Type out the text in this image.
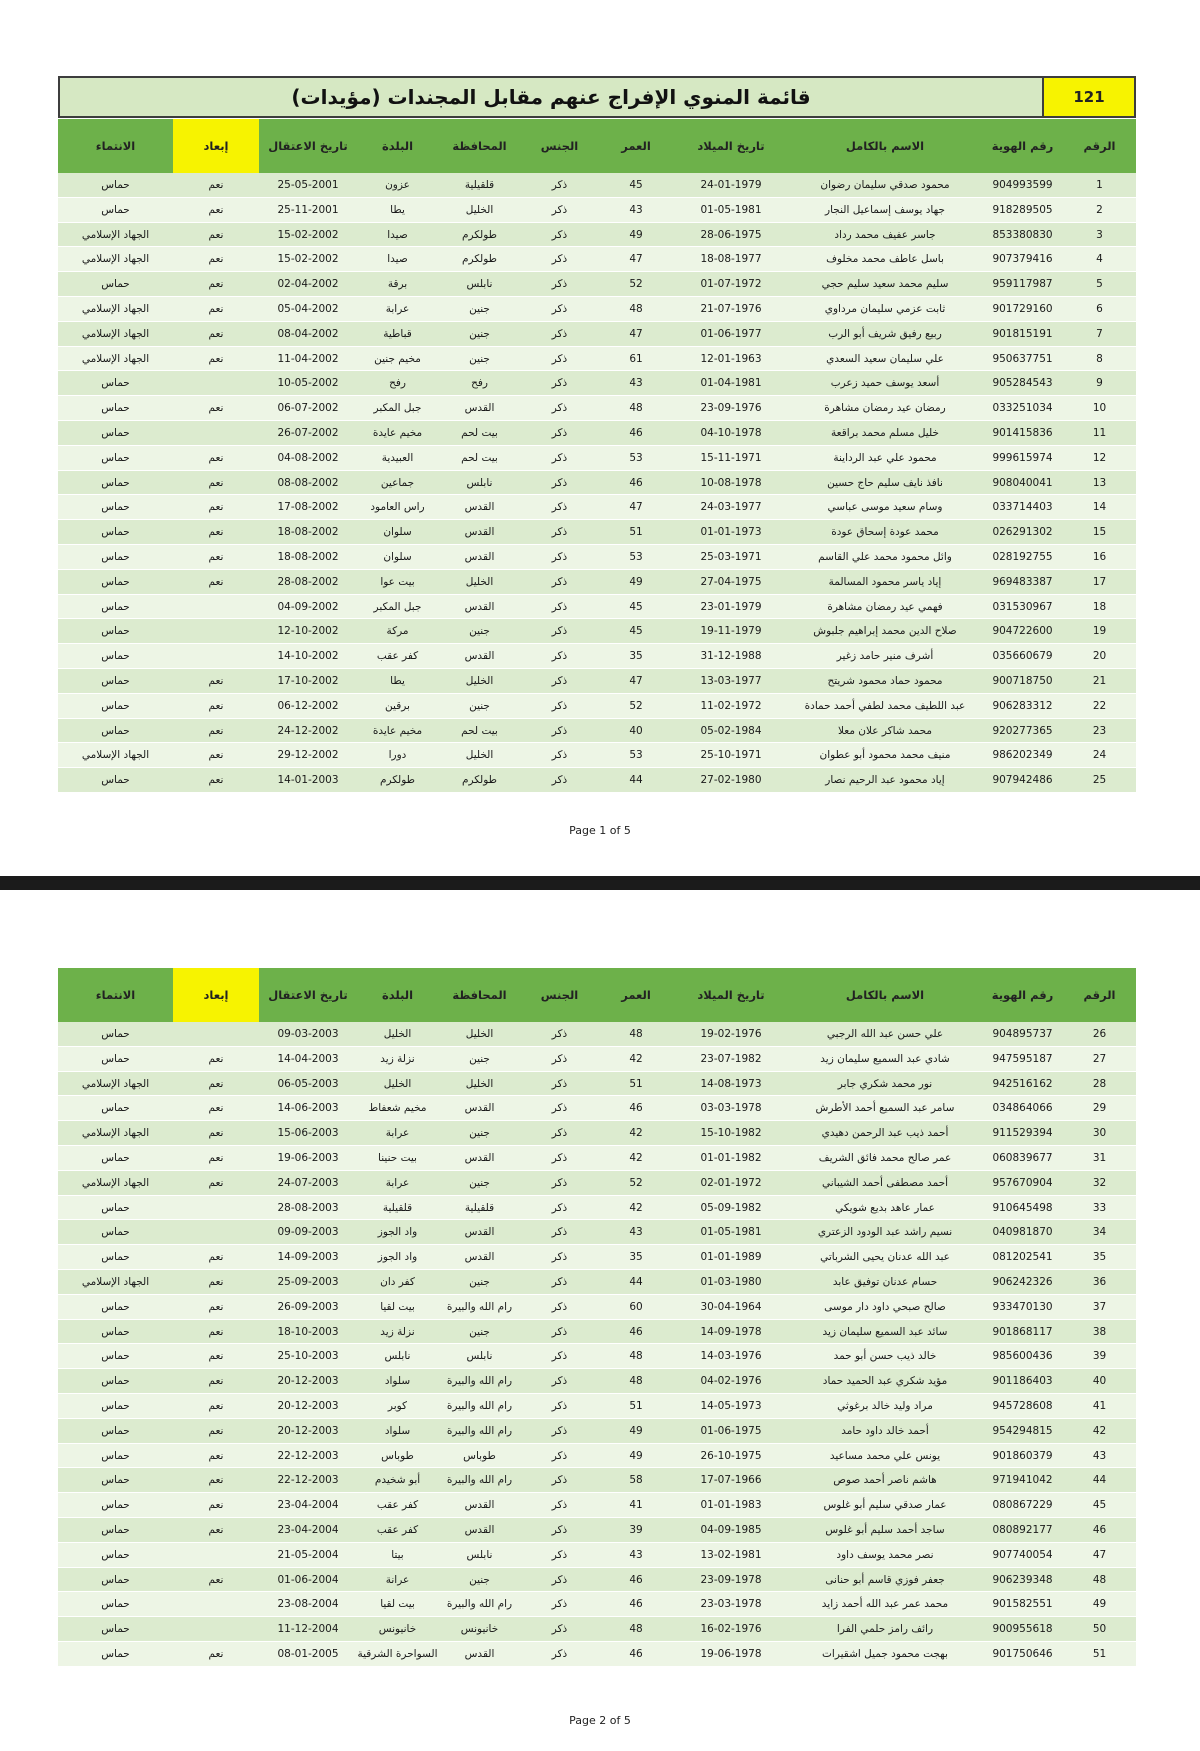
قائمة المنوي الإفراج عنهم مقابل المجندات (مؤيدات)	121
الرقم
رقم الهوية
الاسم بالكامل
تاريخ الميلاد
العمر
الجنس
المحافظة
البلدة
تاريخ الاعتقال
إبعاد
الانتماء
1
904993599
محمود صدقي سليمان رضوان
24-01-1979
45
ذكر
قلقيلية
عزون
25-05-2001
نعم
حماس
2
918289505
جهاد يوسف إسماعيل النجار
01-05-1981
43
ذكر
الخليل
يطا
25-11-2001
نعم
حماس
3
853380830
جاسر عفيف محمد رداد
28-06-1975
49
ذكر
طولكرم
صيدا
15-02-2002
نعم
الجهاد الإسلامي
4
907379416
باسل عاطف محمد مخلوف
18-08-1977
47
ذكر
طولكرم
صيدا
15-02-2002
نعم
الجهاد الإسلامي
5
959117987
سليم محمد سعيد سليم حجي
01-07-1972
52
ذكر
نابلس
برقة
02-04-2002
نعم
حماس
6
901729160
ثابت عزمي سليمان مرداوي
21-07-1976
48
ذكر
جنين
عرابة
05-04-2002
نعم
الجهاد الإسلامي
7
901815191
ربيع رفيق شريف أبو الرب
01-06-1977
47
ذكر
جنين
قباطية
08-04-2002
نعم
الجهاد الإسلامي
8
950637751
علي سليمان سعيد السعدي
12-01-1963
61
ذكر
جنين
مخيم جنين
11-04-2002
نعم
الجهاد الإسلامي
9
905284543
أسعد يوسف حميد زعرب
01-04-1981
43
ذكر
رفح
رفح
10-05-2002
حماس
10
033251034
رمضان عيد رمضان مشاهرة
23-09-1976
48
ذكر
القدس
جبل المكبر
06-07-2002
نعم
حماس
11
901415836
خليل مسلم محمد براقعة
04-10-1978
46
ذكر
بيت لحم
مخيم عايدة
26-07-2002
حماس
12
999615974
محمود علي عبد الرداينة
15-11-1971
53
ذكر
بيت لحم
العبيدية
04-08-2002
نعم
حماس
13
908040041
نافذ نايف سليم حاج حسين
10-08-1978
46
ذكر
نابلس
جماعين
08-08-2002
نعم
حماس
14
033714403
وسام سعيد موسى عباسي
24-03-1977
47
ذكر
القدس
راس العامود
17-08-2002
نعم
حماس
15
026291302
محمد عودة إسحاق عودة
01-01-1973
51
ذكر
القدس
سلوان
18-08-2002
نعم
حماس
16
028192755
وائل محمود محمد علي القاسم
25-03-1971
53
ذكر
القدس
سلوان
18-08-2002
نعم
حماس
17
969483387
إياد ياسر محمود المسالمة
27-04-1975
49
ذكر
الخليل
بيت عوا
28-08-2002
نعم
حماس
18
031530967
فهمي عيد رمضان مشاهرة
23-01-1979
45
ذكر
القدس
جبل المكبر
04-09-2002
حماس
19
904722600
صلاح الدين محمد إبراهيم جلبوش
19-11-1979
45
ذكر
جنين
مركة
12-10-2002
حماس
20
035660679
أشرف منير حامد زغير
31-12-1988
35
ذكر
القدس
كفر عقب
14-10-2002
حماس
21
900718750
محمود حماد محمود شريتح
13-03-1977
47
ذكر
الخليل
يطا
17-10-2002
نعم
حماس
22
906283312
عبد اللطيف محمد لطفي أحمد حمادة
11-02-1972
52
ذكر
جنين
برقين
06-12-2002
نعم
حماس
23
920277365
محمد شاكر علان معلا
05-02-1984
40
ذكر
بيت لحم
مخيم عايدة
24-12-2002
نعم
حماس
24
986202349
منيف محمد محمود أبو عطوان
25-10-1971
53
ذكر
الخليل
دورا
29-12-2002
نعم
الجهاد الإسلامي
25
907942486
إياد محمود عبد الرحيم نصار
27-02-1980
44
ذكر
طولكرم
طولكرم
14-01-2003
نعم
حماس
Page 1 of 5
الرقم
رقم الهوية
الاسم بالكامل
تاريخ الميلاد
العمر
الجنس
المحافظة
البلدة
تاريخ الاعتقال
إبعاد
الانتماء
26
904895737
علي حسن عبد الله الرجبي
19-02-1976
48
ذكر
الخليل
الخليل
09-03-2003
حماس
27
947595187
شادي عبد السميع سليمان زيد
23-07-1982
42
ذكر
جنين
نزلة زيد
14-04-2003
نعم
حماس
28
942516162
نور محمد شكري جابر
14-08-1973
51
ذكر
الخليل
الخليل
06-05-2003
نعم
الجهاد الإسلامي
29
034864066
سامر عبد السميع أحمد الأطرش
03-03-1978
46
ذكر
القدس
مخيم شعفاط
14-06-2003
نعم
حماس
30
911529394
أحمد ذيب عبد الرحمن دهيدي
15-10-1982
42
ذكر
جنين
عرابة
15-06-2003
نعم
الجهاد الإسلامي
31
060839677
عمر صالح محمد فائق الشريف
01-01-1982
42
ذكر
القدس
بيت حنينا
19-06-2003
نعم
حماس
32
957670904
أحمد مصطفى أحمد الشيباني
02-01-1972
52
ذكر
جنين
عرابة
24-07-2003
نعم
الجهاد الإسلامي
33
910645498
عمار عاهد بديع شويكي
05-09-1982
42
ذكر
قلقيلية
قلقيلية
28-08-2003
حماس
34
040981870
نسيم راشد عبد الودود الزعتري
01-05-1981
43
ذكر
القدس
واد الجوز
09-09-2003
حماس
35
081202541
عبد الله عدنان يحيى الشرباتي
01-01-1989
35
ذكر
القدس
واد الجوز
14-09-2003
نعم
حماس
36
906242326
حسام عدنان توفيق عابد
01-03-1980
44
ذكر
جنين
كفر دان
25-09-2003
نعم
الجهاد الإسلامي
37
933470130
صالح صبحي داود دار موسى
30-04-1964
60
ذكر
رام الله والبيرة
بيت لقيا
26-09-2003
نعم
حماس
38
901868117
سائد عبد السميع سليمان زيد
14-09-1978
46
ذكر
جنين
نزلة زيد
18-10-2003
نعم
حماس
39
985600436
خالد ذيب حسن أبو حمد
14-03-1976
48
ذكر
نابلس
نابلس
25-10-2003
نعم
حماس
40
901186403
مؤيد شكري عبد الحميد حماد
04-02-1976
48
ذكر
رام الله والبيرة
سلواد
20-12-2003
نعم
حماس
41
945728608
مراد وليد خالد برغوثي
14-05-1973
51
ذكر
رام الله والبيرة
كوبر
20-12-2003
نعم
حماس
42
954294815
أحمد خالد داود حامد
01-06-1975
49
ذكر
رام الله والبيرة
سلواد
20-12-2003
نعم
حماس
43
901860379
يونس علي محمد مساعيد
26-10-1975
49
ذكر
طوباس
طوباس
22-12-2003
نعم
حماس
44
971941042
هاشم ناصر أحمد صوص
17-07-1966
58
ذكر
رام الله والبيرة
أبو شخيدم
22-12-2003
نعم
حماس
45
080867229
عمار صدقي سليم أبو غلوس
01-01-1983
41
ذكر
القدس
كفر عقب
23-04-2004
نعم
حماس
46
080892177
ساجد أحمد سليم أبو غلوس
04-09-1985
39
ذكر
القدس
كفر عقب
23-04-2004
نعم
حماس
47
907740054
نصر محمد يوسف داود
13-02-1981
43
ذكر
نابلس
بيتا
21-05-2004
حماس
48
906239348
جعفر فوزي قاسم أبو حنانى
23-09-1978
46
ذكر
جنين
عرانة
01-06-2004
نعم
حماس
49
901582551
محمد عمر عبد الله أحمد زايد
23-03-1978
46
ذكر
رام الله والبيرة
بيت لقيا
23-08-2004
حماس
50
900955618
رائف رامز حلمي الفرا
16-02-1976
48
ذكر
خانيونس
خانيونس
11-12-2004
حماس
51
901750646
بهجت محمود جميل اشقيرات
19-06-1978
46
ذكر
القدس
السواحرة الشرقية
08-01-2005
نعم
حماس
Page 2 of 5
